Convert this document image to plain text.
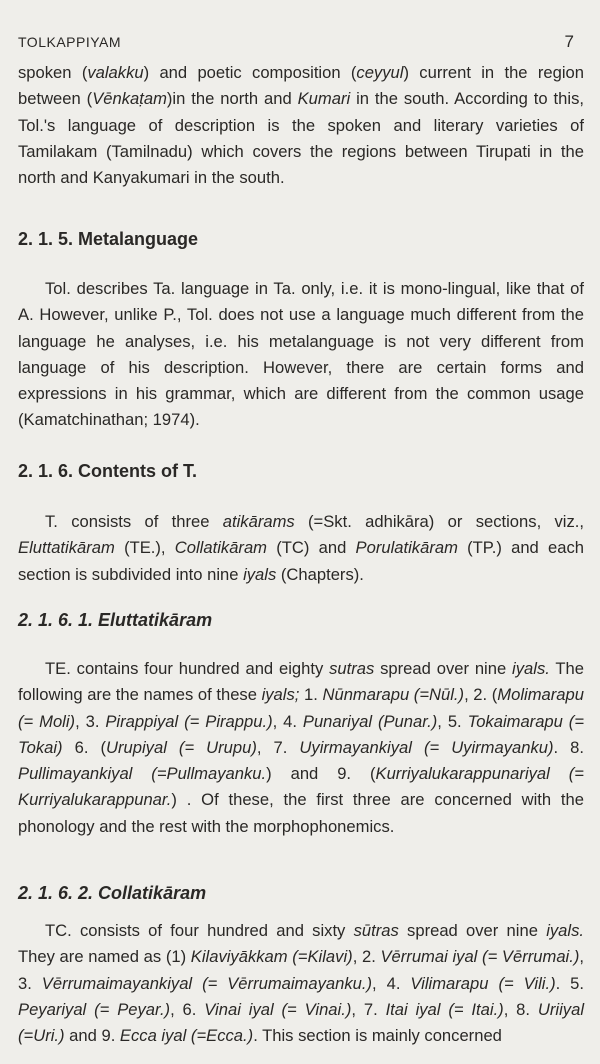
TOLKAPPIYAM	7

spoken (valakku) and poetic composition (ceyyul) current in the region between (Vēnkaṭam)in the north and Kumari in the south. According to this, Tol.'s language of description is the spoken and literary varieties of Tamilakam (Tamilnadu) which covers the regions between Tirupati in the north and Kanyakumari in the south.

2. 1. 5. Metalanguage

Tol. describes Ta. language in Ta. only, i.e. it is mono-lingual, like that of A. However, unlike P., Tol. does not use a language much different from the language he analyses, i.e. his metalanguage is not very different from language of his description. However, there are certain forms and expressions in his grammar, which are different from the common usage (Kamatchinathan; 1974).

2. 1. 6. Contents of T.

T. consists of three atikārams (=Skt. adhikāra) or sections, viz., Eluttatikāram (TE.), Collatikāram (TC) and Porulatikāram (TP.) and each section is subdivided into nine iyals (Chapters).

2. 1. 6. 1. Eluttatikāram

TE. contains four hundred and eighty sutras spread over nine iyals. The following are the names of these iyals; 1. Nūnmarapu (=Nūl.), 2. (Molimarapu (= Moli), 3. Pirappiyal (= Pirappu.), 4. Punariyal (Punar.), 5. Tokaimarapu (= Tokai) 6. (Urupiyal (= Urupu), 7. Uyirmayankiyal (= Uyirmayanku). 8. Pullimayankiyal (=Pullmayanku.) and 9. (Kurriyalukarappunariyal (= Kurriyalukarappunar.) . Of these, the first three are concerned with the phonology and the rest with the morphophonemics.

2. 1. 6. 2. Collatikāram

TC. consists of four hundred and sixty sūtras spread over nine iyals. They are named as (1) Kilaviyākkam (=Kilavi), 2. Vērrumai iyal (= Vērrumai.), 3. Vērrumaimayankiyal (= Vērrumaimayanku.), 4. Vilimarapu (= Vili.). 5. Peyariyal (= Peyar.), 6. Vinai iyal (= Vinai.), 7. Itai iyal (= Itai.), 8. Uriiyal (=Uri.) and 9. Ecca iyal (=Ecca.). This section is mainly concerned
